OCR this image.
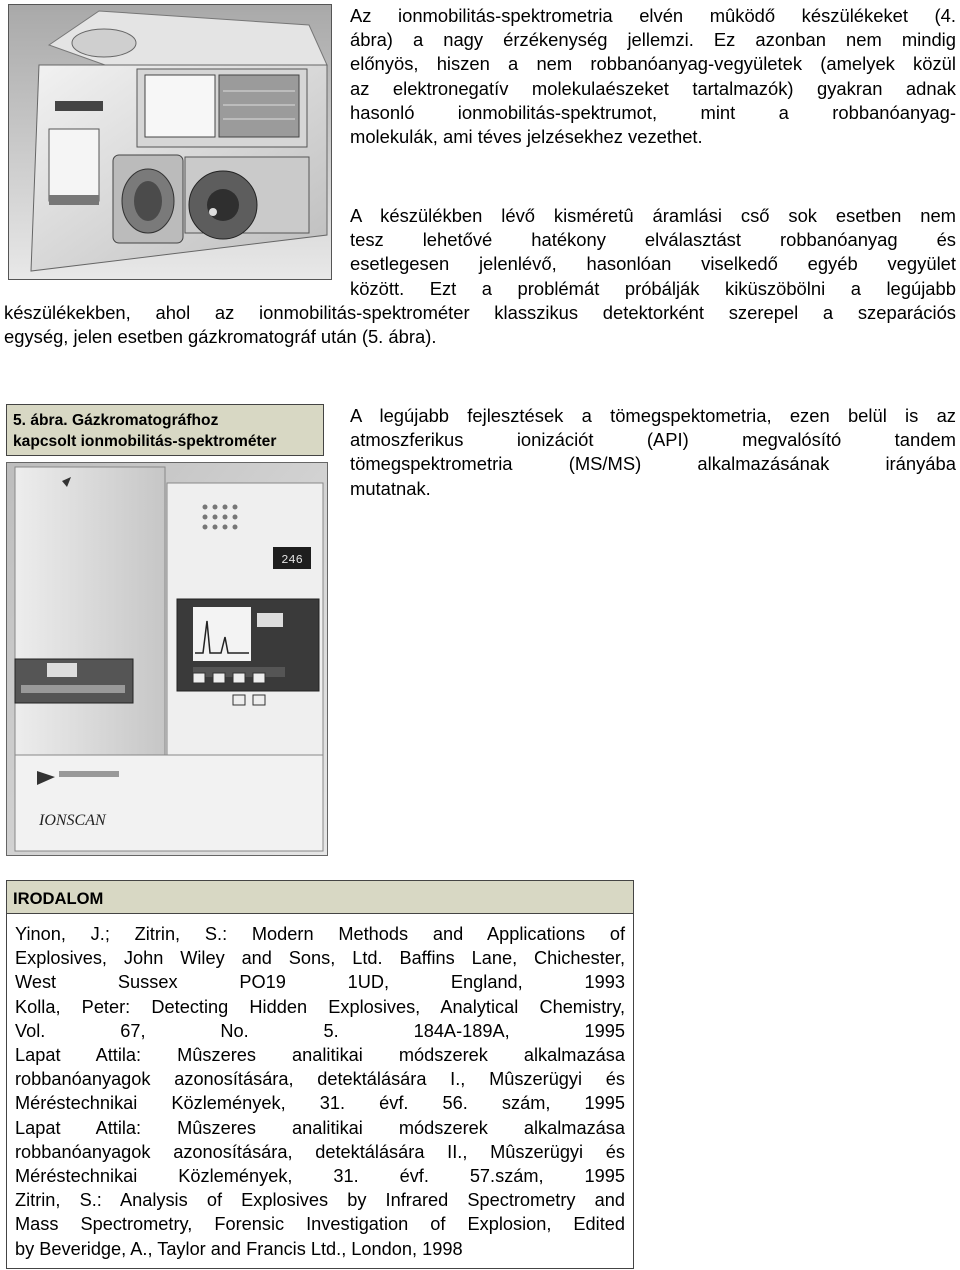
Az ionmobilitás-spektrometria elvén mûködő készülékeket (4.
ábra) a nagy érzékenység jellemzi. Ez azonban nem mindig
előnyös, hiszen a nem robbanóanyag-vegyületek (amelyek közül
az elektronegatív molekulaészeket tartalmazók) gyakran adnak
hasonló ionmobilitás-spektrumot, mint a robbanóanyag-
molekulák, ami téves jelzésekhez vezethet.
A készülékben lévő kisméretû áramlási cső sok esetben nem
tesz lehetővé hatékony elválasztást robbanóanyag és
esetlegesen jelenlévő, hasonlóan viselkedő egyéb vegyület
között. Ezt a problémát próbálják kiküszöbölni a legújabb
készülékekben, ahol az ionmobilitás-spektrométer klasszikus detektorként szerepel a szeparációs
egység, jelen esetben gázkromatográf után (5. ábra).
5. ábra. Gázkromatográfhoz
kapcsolt ionmobilitás-spektrométer
246
IONSCAN
A legújabb fejlesztések a tömegspektometria, ezen belül is az
atmoszferikus ionizációt (API) megvalósító tandem
tömegspektrometria (MS/MS) alkalmazásának irányába
mutatnak.
IRODALOM
Yinon, J.; Zitrin, S.: Modern Methods and Applications of
Explosives, John Wiley and Sons, Ltd. Baffins Lane, Chichester,
West Sussex PO19 1UD, England, 1993
Kolla, Peter: Detecting Hidden Explosives, Analytical Chemistry,
Vol. 67, No. 5. 184A-189A, 1995
Lapat Attila: Mûszeres analitikai módszerek alkalmazása
robbanóanyagok azonosítására, detektálására I., Mûszerügyi és
Méréstechnikai Közlemények, 31. évf. 56. szám, 1995
Lapat Attila: Mûszeres analitikai módszerek alkalmazása
robbanóanyagok azonosítására, detektálására II., Mûszerügyi és
Méréstechnikai Közlemények, 31. évf. 57.szám, 1995
Zitrin, S.: Analysis of Explosives by Infrared Spectrometry and
Mass Spectrometry, Forensic Investigation of Explosion, Edited
by Beveridge, A., Taylor and Francis Ltd., London, 1998
